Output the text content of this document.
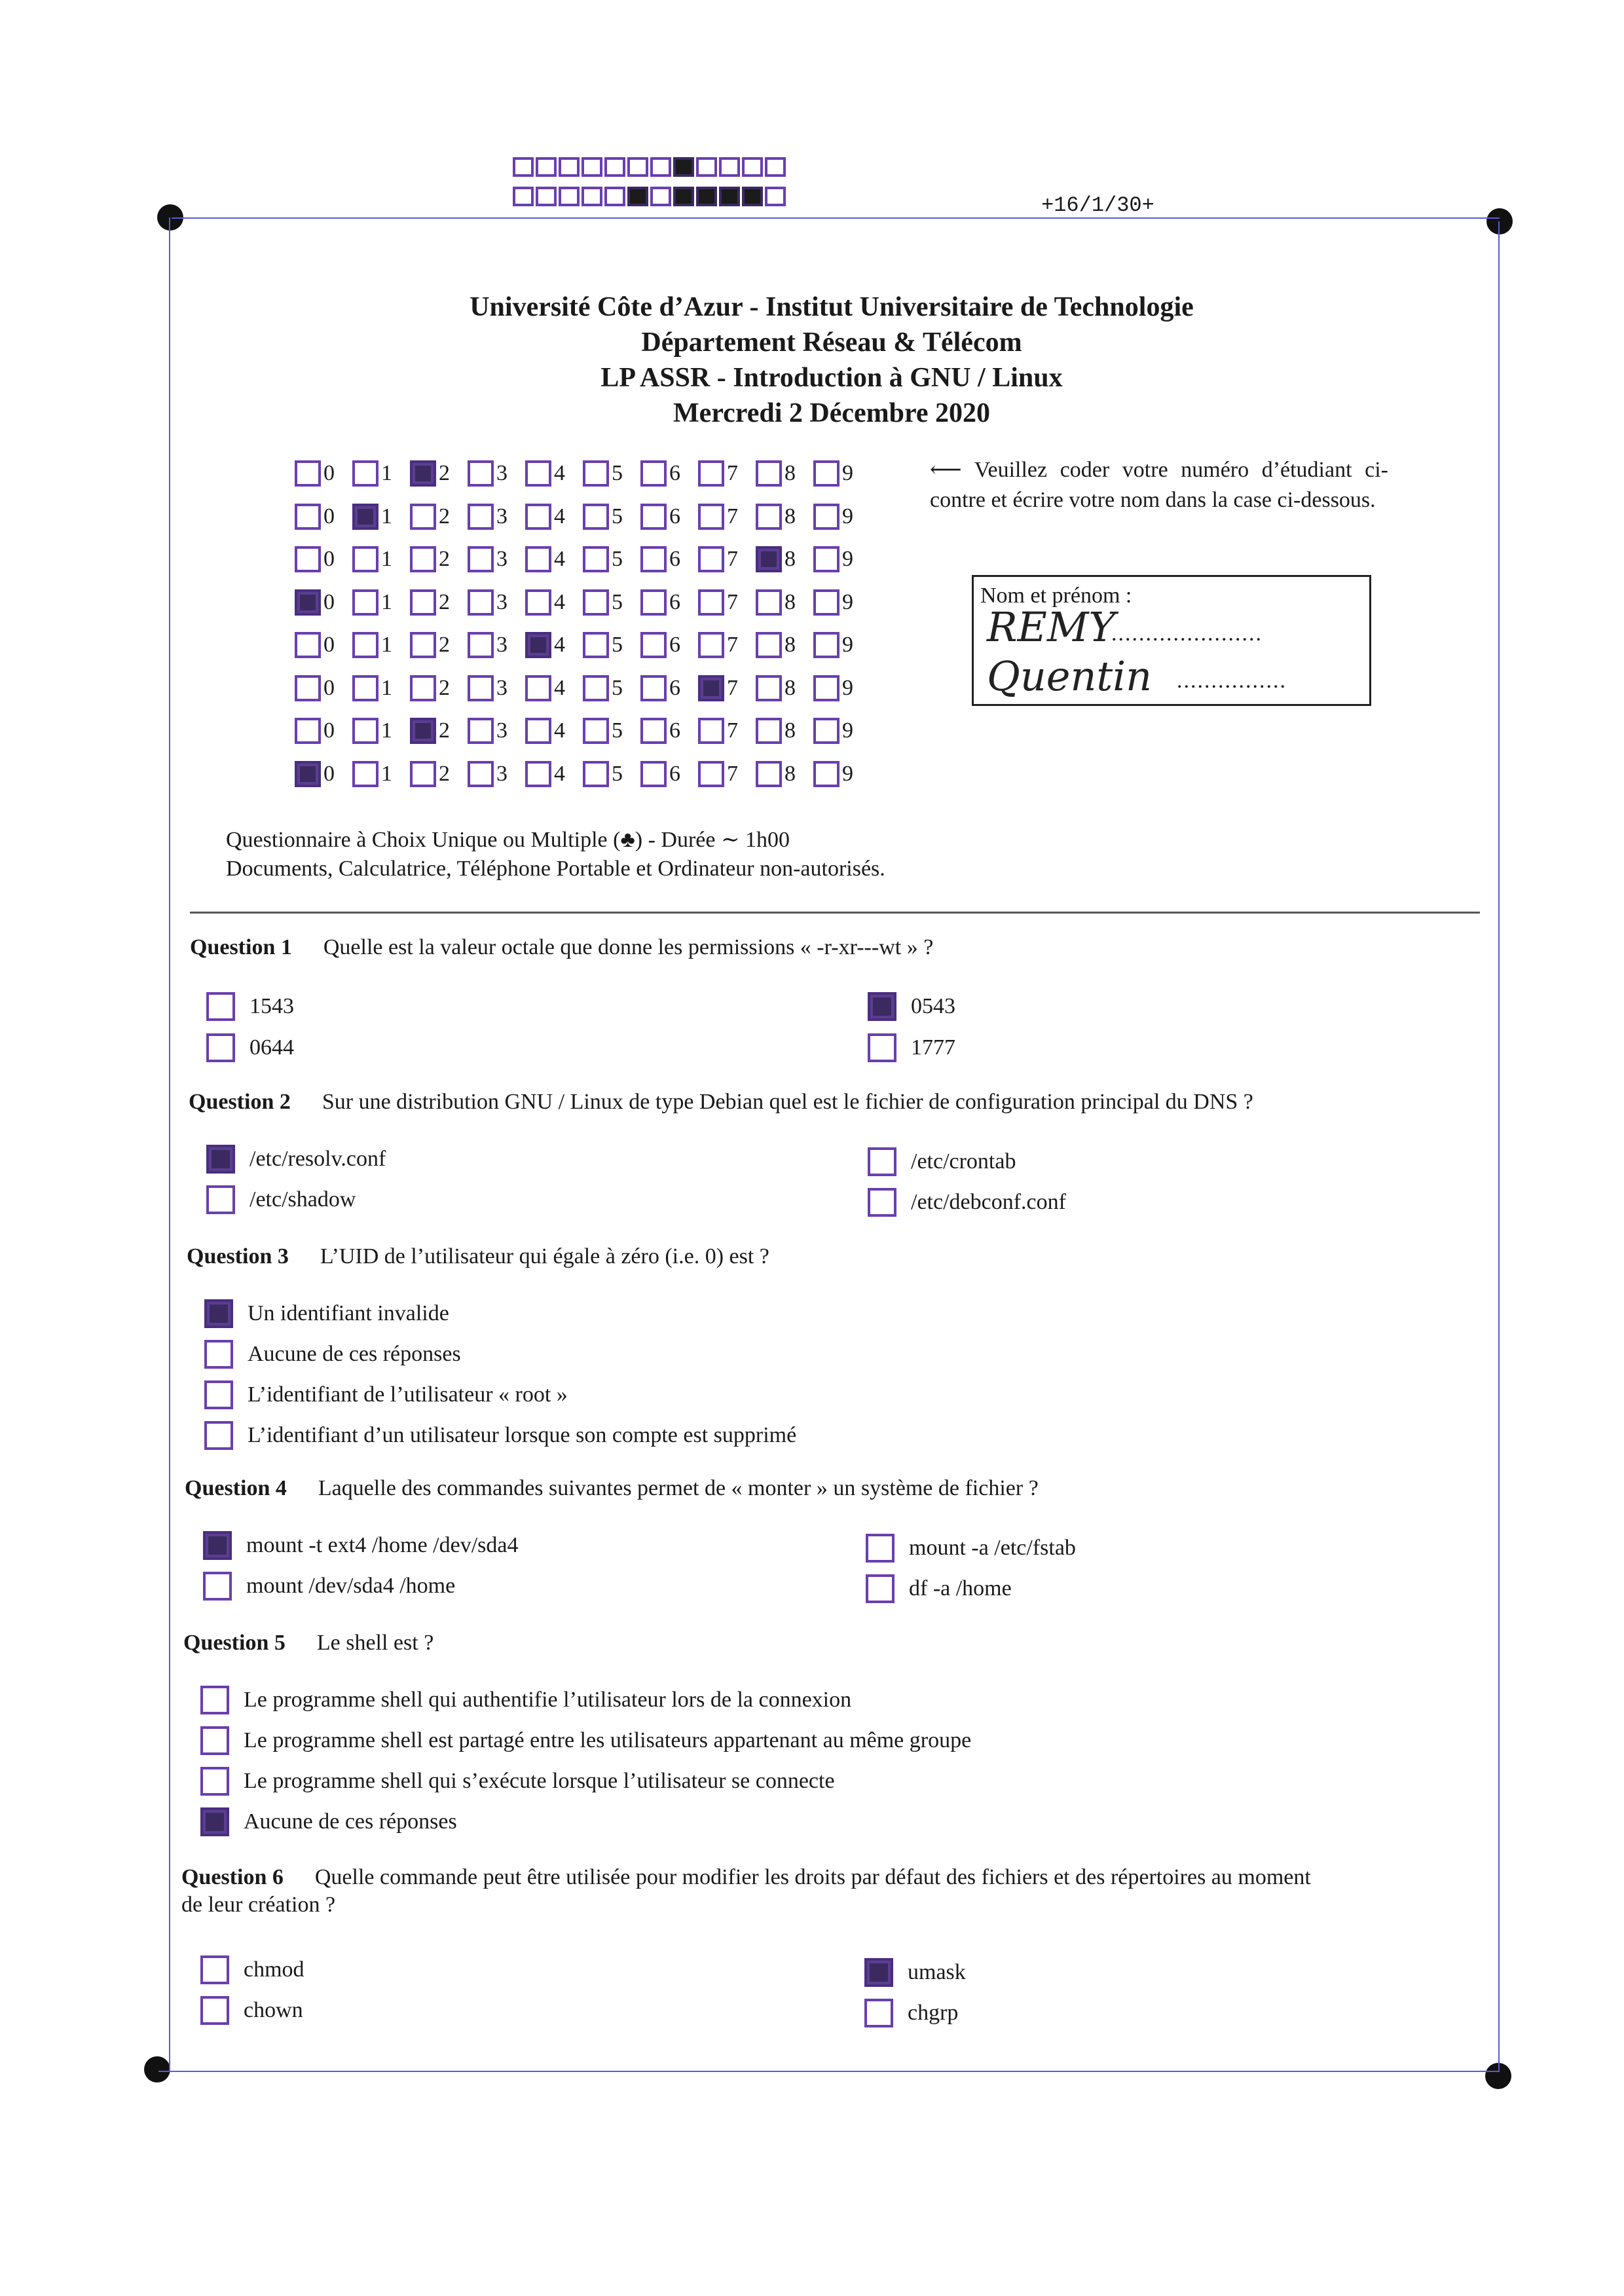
+16/1/30+
Université Côte d’Azur - Institut Universitaire de Technologie
Département Réseau & Télécom
LP ASSR - Introduction à GNU / Linux
Mercredi 2 Décembre 2020
0 1 2 3 4 5 6 7 8 9
0 1 2 3 4 5 6 7 8 9
0 1 2 3 4 5 6 7 8 9
0 1 2 3 4 5 6 7 8 9
0 1 2 3 4 5 6 7 8 9
0 1 2 3 4 5 6 7 8 9
0 1 2 3 4 5 6 7 8 9
0 1 2 3 4 5 6 7 8 9
⟵ Veuillez coder votre numéro d’étudiant ci-contre et écrire votre nom dans la case ci-dessous.
Nom et prénom :
REMY
......................
Quentin ................
Questionnaire à Choix Unique ou Multiple (♣) - Durée ∼ 1h00
Documents, Calculatrice, Téléphone Portable et Ordinateur non-autorisés.
Question 1 Quelle est la valeur octale que donne les permissions « -r-xr---wt » ?
1543	0543
0644	1777
Question 2 Sur une distribution GNU / Linux de type Debian quel est le fichier de configuration principal du DNS ?
/etc/resolv.conf	/etc/crontab
/etc/shadow	/etc/debconf.conf
Question 3 L’UID de l’utilisateur qui égale à zéro (i.e. 0) est ?
Un identifiant invalide
Aucune de ces réponses
L’identifiant de l’utilisateur « root »
L’identifiant d’un utilisateur lorsque son compte est supprimé
Question 4 Laquelle des commandes suivantes permet de « monter » un système de fichier ?
mount -t ext4 /home /dev/sda4	mount -a /etc/fstab
mount /dev/sda4 /home	df -a /home
Question 5 Le shell est ?
Le programme shell qui authentifie l’utilisateur lors de la connexion
Le programme shell est partagé entre les utilisateurs appartenant au même groupe
Le programme shell qui s’exécute lorsque l’utilisateur se connecte
Aucune de ces réponses
Question 6 Quelle commande peut être utilisée pour modifier les droits par défaut des fichiers et des répertoires au moment
de leur création ?
chmod	umask
chown	chgrp
